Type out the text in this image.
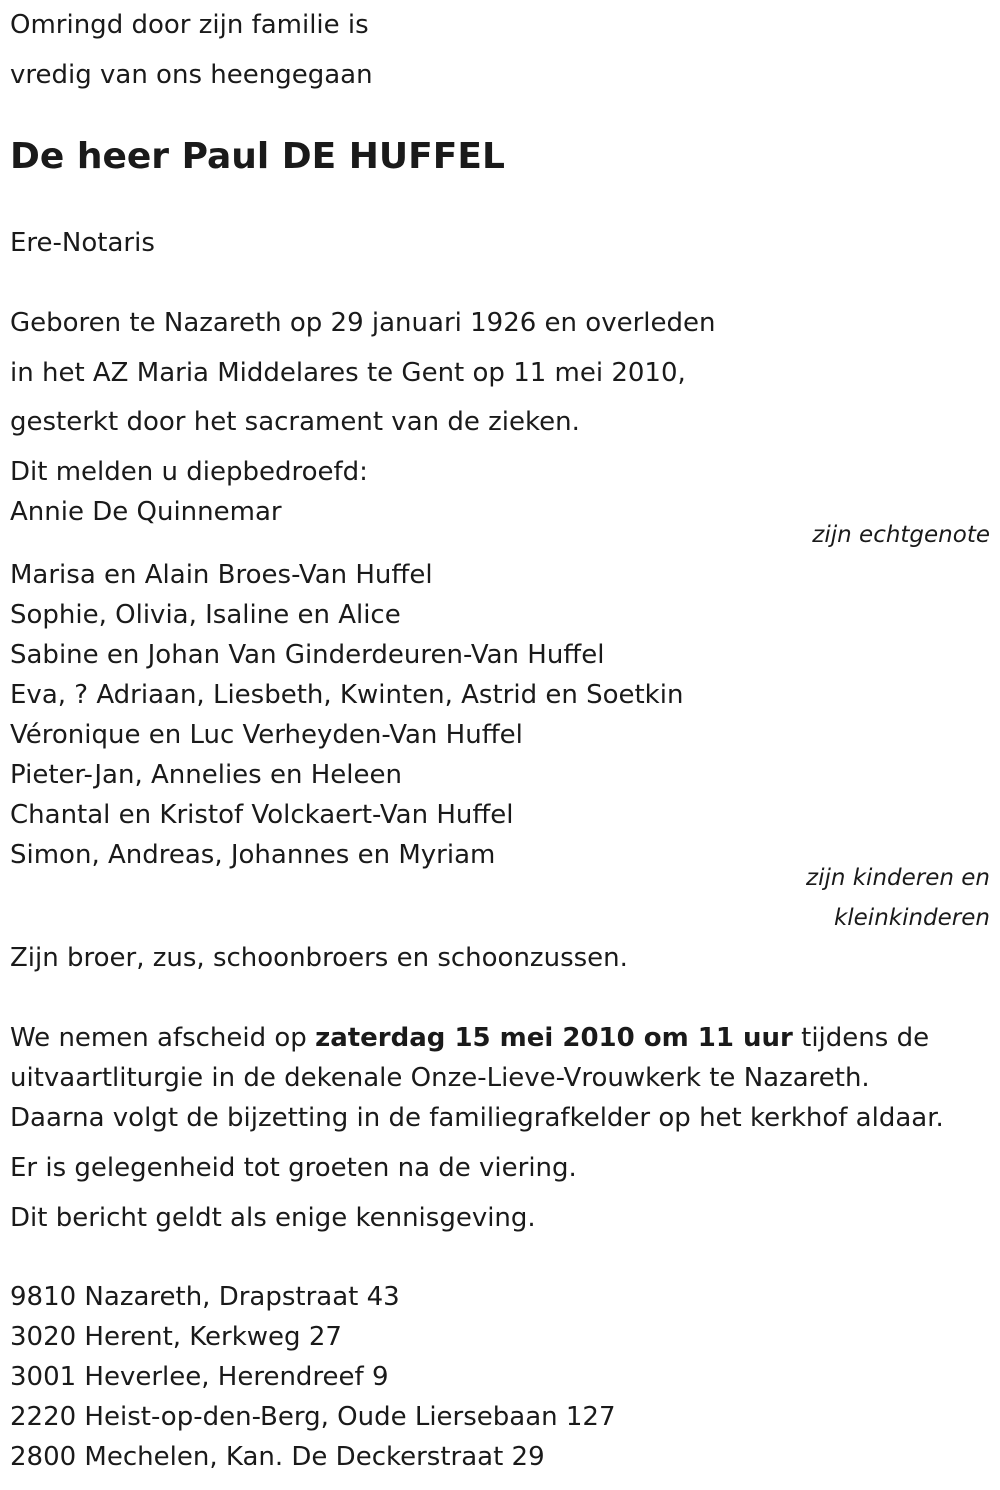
Omringd door zijn familie is
vredig van ons heengegaan
De heer Paul DE HUFFEL
Ere-Notaris
Geboren te Nazareth op 29 januari 1926 en overleden
in het AZ Maria Middelares te Gent op 11 mei 2010,
gesterkt door het sacrament van de zieken.
Dit melden u diepbedroefd:
Annie De Quinnemar
zijn echtgenote
Marisa en Alain Broes-Van Huffel
Sophie, Olivia, Isaline en Alice
Sabine en Johan Van Ginderdeuren-Van Huffel
Eva, ? Adriaan, Liesbeth, Kwinten, Astrid en Soetkin
Véronique en Luc Verheyden-Van Huffel
Pieter-Jan, Annelies en Heleen
Chantal en Kristof Volckaert-Van Huffel
Simon, Andreas, Johannes en Myriam
zijn kinderen en
kleinkinderen
Zijn broer, zus, schoonbroers en schoonzussen.
We nemen afscheid op zaterdag 15 mei 2010 om 11 uur tijdens de
uitvaartliturgie in de dekenale Onze-Lieve-Vrouwkerk te Nazareth.
Daarna volgt de bijzetting in de familiegrafkelder op het kerkhof aldaar.
Er is gelegenheid tot groeten na de viering.
Dit bericht geldt als enige kennisgeving.
9810 Nazareth, Drapstraat 43
3020 Herent, Kerkweg 27
3001 Heverlee, Herendreef 9
2220 Heist-op-den-Berg, Oude Liersebaan 127
2800 Mechelen, Kan. De Deckerstraat 29
